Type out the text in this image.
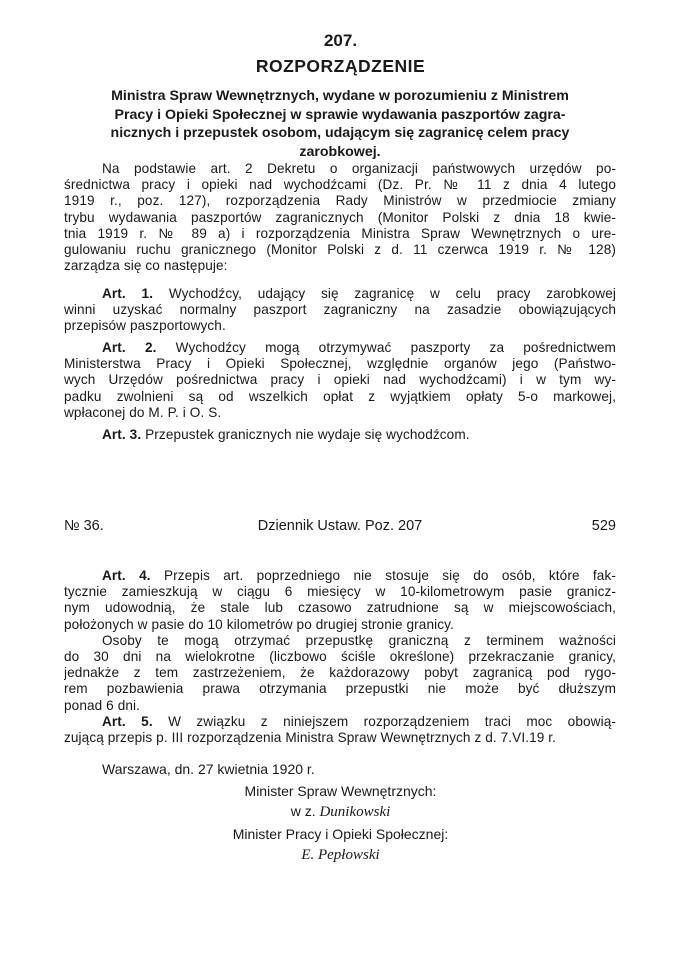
207.
ROZPORZĄDZENIE
Ministra Spraw Wewnętrznych, wydane w porozumieniu z Ministrem
Pracy i Opieki Społecznej w sprawie wydawania paszportów zagra-
nicznych i przepustek osobom, udającym się zagranicę celem pracy
zarobkowej.
Na podstawie art. 2 Dekretu o organizacji państwowych urzędów po-
średnictwa pracy i opieki nad wychodźcami (Dz. Pr. № 11 z dnia 4 lutego
1919 r., poz. 127), rozporządzenia Rady Ministrów w przedmiocie zmiany
trybu wydawania paszportów zagranicznych (Monitor Polski z dnia 18 kwie-
tnia 1919 r. № 89 a) i rozporządzenia Ministra Spraw Wewnętrznych o ure-
gulowaniu ruchu granicznego (Monitor Polski z d. 11 czerwca 1919 r. № 128)
zarządza się co następuje:
Art. 1. Wychodźcy, udający się zagranicę w celu pracy zarobkowej
winni uzyskać normalny paszport zagraniczny na zasadzie obowiązujących
przepisów paszportowych.
Art. 2. Wychodźcy mogą otrzymywać paszporty za pośrednictwem
Ministerstwa Pracy i Opieki Społecznej, względnie organów jego (Państwo-
wych Urzędów pośrednictwa pracy i opieki nad wychodźcami) i w tym wy-
padku zwolnieni są od wszelkich opłat z wyjątkiem opłaty 5-o markowej,
wpłaconej do M. P. i O. S.
Art. 3. Przepustek granicznych nie wydaje się wychodźcom.
№ 36.	Dziennik Ustaw. Poz. 207	529
Art. 4. Przepis art. poprzedniego nie stosuje się do osób, które fak-
tycznie zamieszkują w ciągu 6 miesięcy w 10-kilometrowym pasie granicz-
nym udowodnią, że stale lub czasowo zatrudnione są w miejscowościach,
położonych w pasie do 10 kilometrów po drugiej stronie granicy.
Osoby te mogą otrzymać przepustkę graniczną z terminem ważności
do 30 dni na wielokrotne (liczbowo ściśle określone) przekraczanie granicy,
jednakże z tem zastrzeżeniem, że każdorazowy pobyt zagranicą pod rygo-
rem pozbawienia prawa otrzymania przepustki nie może być dłuższym
ponad 6 dni.
Art. 5. W związku z niniejszem rozporządzeniem traci moc obowią-
zującą przepis p. III rozporządzenia Ministra Spraw Wewnętrznych z d. 7.VI.19 r.
Warszawa, dn. 27 kwietnia 1920 r.
Minister Spraw Wewnętrznych:
w z. Dunikowski
Minister Pracy i Opieki Społecznej:
E. Pepłowski
